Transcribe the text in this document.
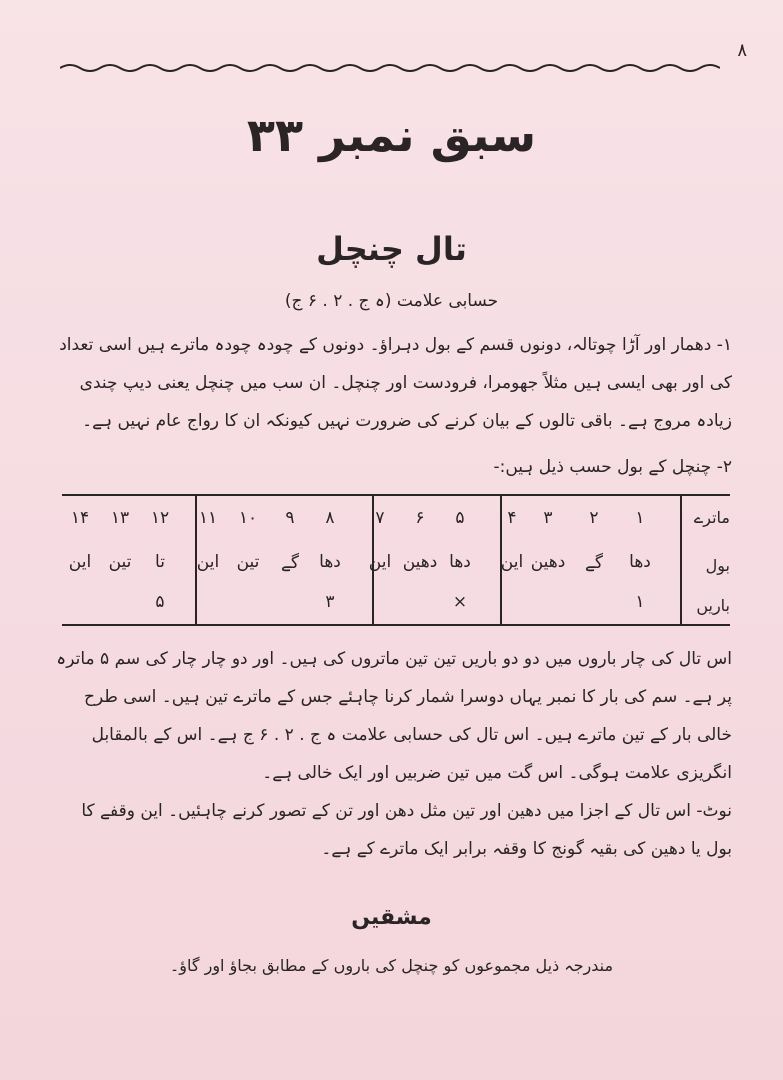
۸
سبق نمبر ۳۳
تال چنچل
حسابی علامت (ہ ج . ۲ . ۶ ج)
۱- دھمار اور آڑا چوتالہ، دونوں قسم کے بول دہراؤ۔ دونوں کے چودہ چودہ ماترے ہیں اسی تعداد کی اور بھی ایسی ہیں مثلاً جھومرا، فرودست اور چنچل۔ ان سب میں چنچل یعنی دیپ چندی زیادہ مروج ہے۔ باقی تالوں کے بیان کرنے کی ضرورت نہیں کیونکہ ان کا رواج عام نہیں ہے۔
۲- چنچل کے بول حسب ذیل ہیں:-
ماترے
بول
باریں
۱
۲
۳
۴
۵
۶
۷
۸
۹
۱۰
۱۱
۱۲
۱۳
۱۴
دھا
گے
دھین
این
دھا
دھین
این
دھا
گے
تین
این
تا
تین
این
۱
×
۳
۵
اس تال کی چار باروں میں دو دو باریں تین تین ماتروں کی ہیں۔ اور دو چار چار کی سم ۵ ماترہ پر ہے۔ سم کی بار کا نمبر یہاں دوسرا شمار کرنا چاہئے جس کے ماترے تین ہیں۔ اسی طرح خالی بار کے تین ماترے ہیں۔ اس تال کی حسابی علامت ہ ج . ۲ . ۶ ج ہے۔ اس کے بالمقابل انگریزی علامت ہوگی۔ اس گت میں تین ضربیں اور ایک خالی ہے۔
نوٹ- اس تال کے اجزا میں دھین اور تین مثل دھن اور تن کے تصور کرنے چاہئیں۔ این وقفے کا بول یا دھین کی بقیہ گونج کا وقفہ برابر ایک ماترے کے ہے۔
مشقیں
مندرجہ ذیل مجموعوں کو چنچل کی باروں کے مطابق بجاؤ اور گاؤ۔
